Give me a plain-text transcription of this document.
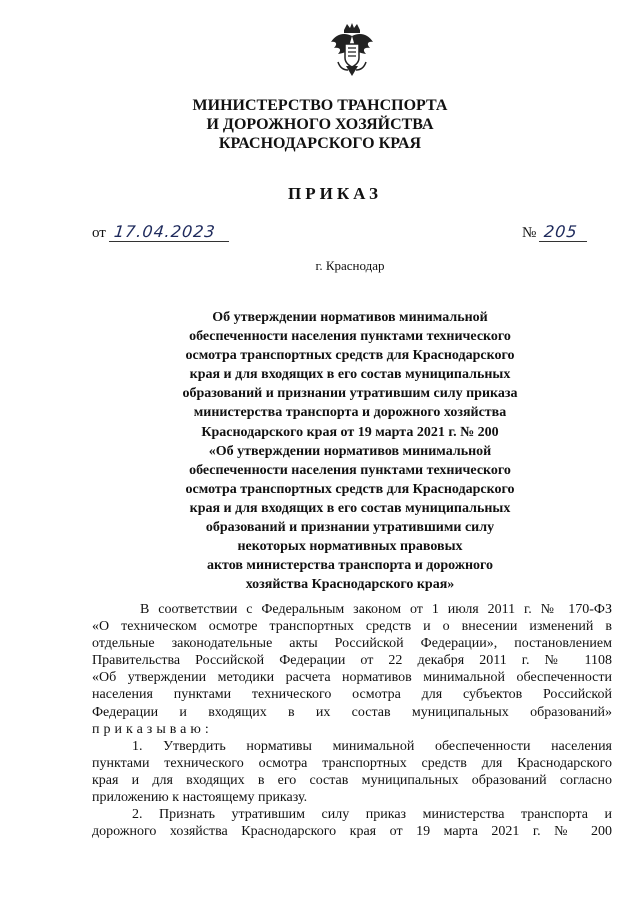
МИНИСТЕРСТВО ТРАНСПОРТА
И ДОРОЖНОГО ХОЗЯЙСТВА
КРАСНОДАРСКОГО КРАЯ
ПРИКАЗ
от 17.04.2023	№ 205
г. Краснодар
Об утверждении нормативов минимальной
обеспеченности населения пунктами технического
осмотра транспортных средств для Краснодарского
края и для входящих в его состав муниципальных
образований и признании утратившим силу приказа
министерства транспорта и дорожного хозяйства
Краснодарского края от 19 марта 2021 г. № 200
«Об утверждении нормативов минимальной
обеспеченности населения пунктами технического
осмотра транспортных средств для Краснодарского
края и для входящих в его состав муниципальных
образований и признании утратившими силу
некоторых нормативных правовых
актов министерства транспорта и дорожного
хозяйства Краснодарского края»
В соответствии с Федеральным законом от 1 июля 2011 г. № 170-ФЗ
«О техническом осмотре транспортных средств и о внесении изменений в
отдельные законодательные акты Российской Федерации», постановлением
Правительства Российской Федерации от 22 декабря 2011 г. № 1108
«Об утверждении методики расчета нормативов минимальной обеспеченности
населения пунктами технического осмотра для субъектов Российской
Федерации и входящих в их состав муниципальных образований»
приказываю:
1. Утвердить нормативы минимальной обеспеченности населения
пунктами технического осмотра транспортных средств для Краснодарского
края и для входящих в его состав муниципальных образований согласно
приложению к настоящему приказу.
2. Признать утратившим силу приказ министерства транспорта и
дорожного хозяйства Краснодарского края от 19 марта 2021 г. № 200
